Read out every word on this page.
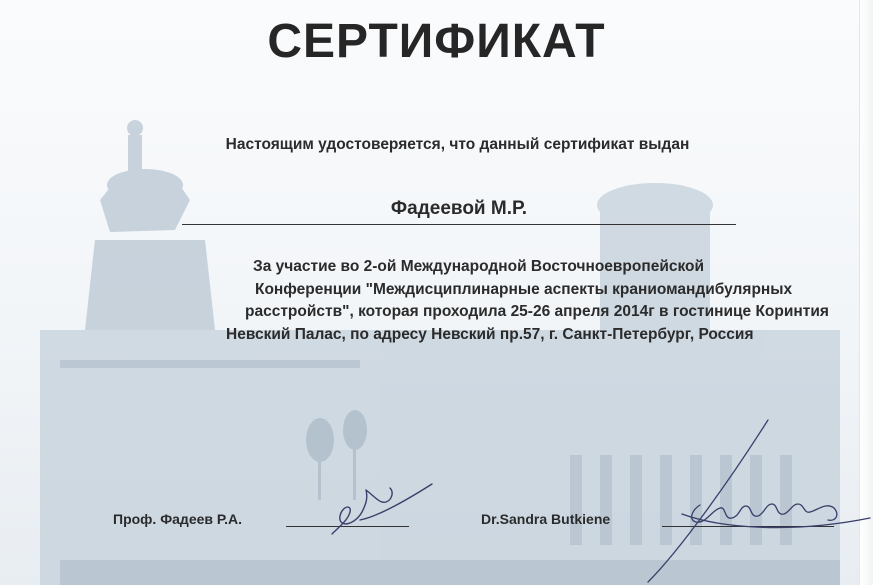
СЕРТИФИКАТ
Настоящим удостоверяется, что данный сертификат выдан
Фадеевой М.Р.
За участие во 2-ой Международной Восточноевропейской
Конференции "Междисциплинарные аспекты краниомандибулярных
расстройств", которая проходила 25-26 апреля 2014г в гостинице Коринтия
Невский Палас, по адресу Невский пр.57, г. Санкт-Петербург, Россия
Проф. Фадеев Р.А.	Dr.Sandra Butkiene
